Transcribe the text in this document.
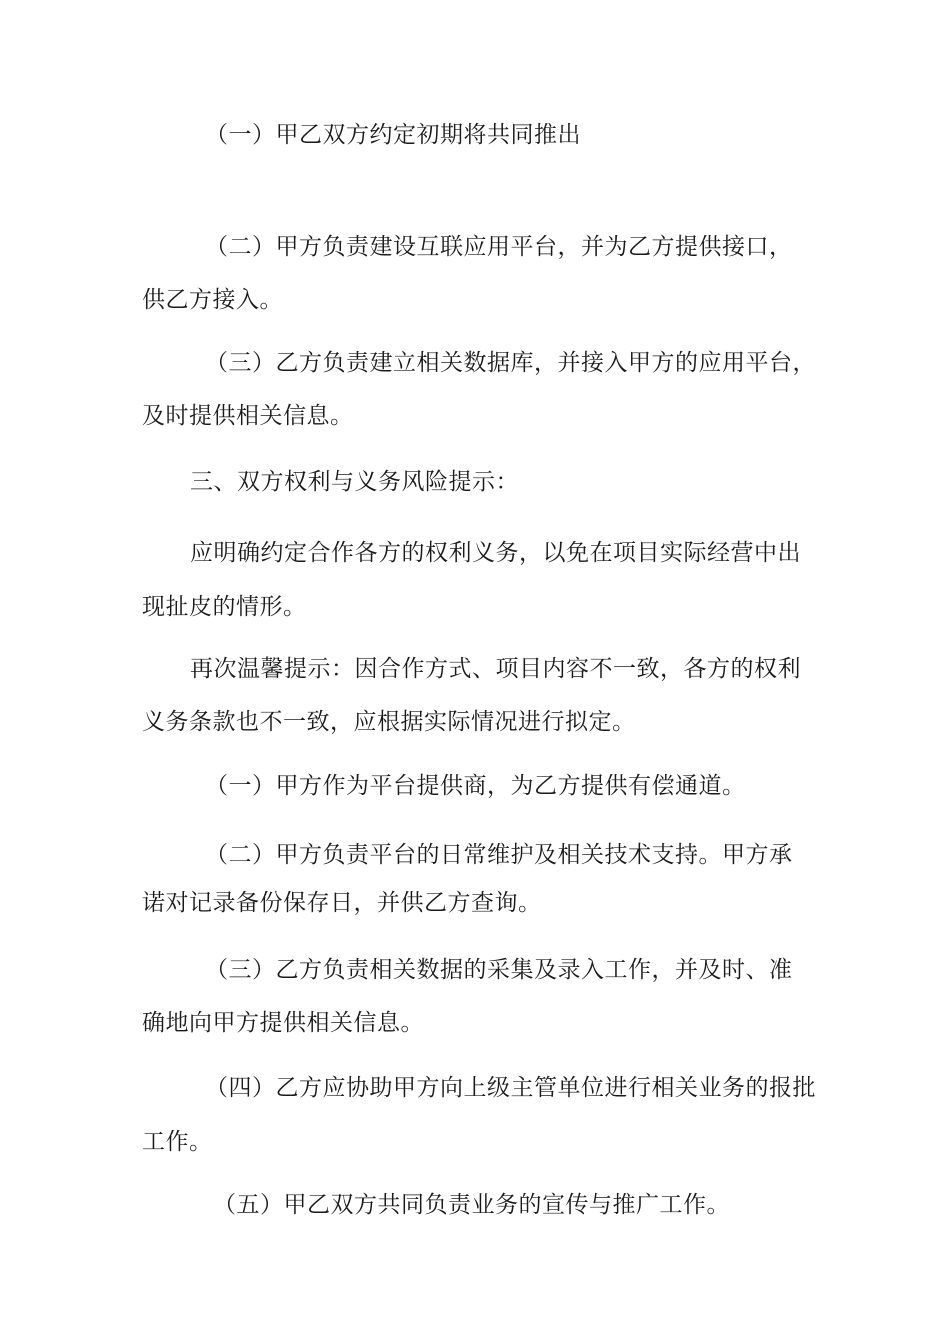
（一）甲乙双方约定初期将共同推出
（二）甲方负责建设互联应用平台，并为乙方提供接口，
供乙方接入。
（三）乙方负责建立相关数据库，并接入甲方的应用平台，
及时提供相关信息。
三、双方权利与义务风险提示：
应明确约定合作各方的权利义务，以免在项目实际经营中出
现扯皮的情形。
再次温馨提示：因合作方式、项目内容不一致，各方的权利
义务条款也不一致，应根据实际情况进行拟定。
（一）甲方作为平台提供商，为乙方提供有偿通道。
（二）甲方负责平台的日常维护及相关技术支持。甲方承
诺对记录备份保存日，并供乙方查询。
（三）乙方负责相关数据的采集及录入工作，并及时、准
确地向甲方提供相关信息。
（四）乙方应协助甲方向上级主管单位进行相关业务的报批
工作。
（五）甲乙双方共同负责业务的宣传与推广工作。
